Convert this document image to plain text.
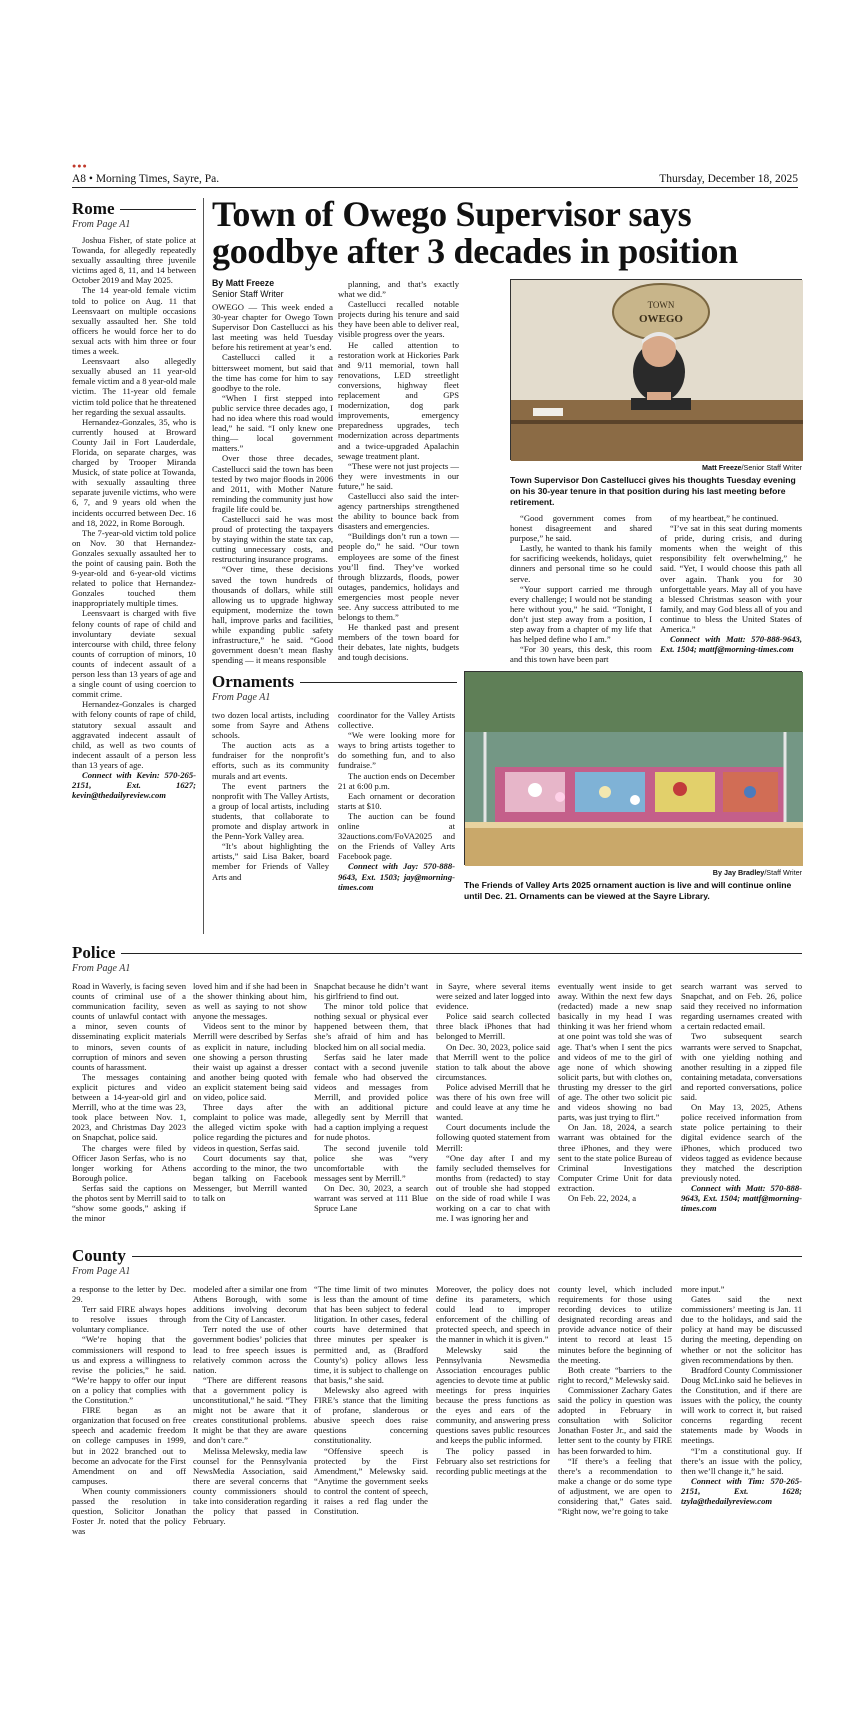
●●●
A8 • Morning Times, Sayre, Pa.	Thursday, December 18, 2025
Rome
From Page A1

Joshua Fisher, of state police at Towanda, for allegedly repeatedly sexually assaulting three juvenile victims aged 8, 11, and 14 between October 2019 and May 2025.

The 14 year-old female victim told to police on Aug. 11 that Leensvaart on multiple occasions sexually assaulted her. She told officers he would force her to do sexual acts with him three or four times a week.

Leensvaart also allegedly sexually abused an 11 year-old female victim and a 8 year-old male victim. The 11-year old female victim told police that he threatened her regarding the sexual assaults.

Hernandez-Gonzales, 35, who is currently housed at Broward County Jail in Fort Lauderdale, Florida, on separate charges, was charged by Trooper Miranda Musick, of state police at Towanda, with sexually assaulting three separate juvenile victims, who were 6, 7, and 9 years old when the incidents occurred between Dec. 16 and 18, 2022, in Rome Borough.

The 7-year-old victim told police on Nov. 30 that Hernandez-Gonzales sexually assaulted her to the point of causing pain. Both the 9-year-old and 6-year-old victims related to police that Hernandez-Gonzales touched them inappropriately multiple times.

Leensvaart is charged with five felony counts of rape of child and involuntary deviate sexual intercourse with child, three felony counts of corruption of minors, 10 counts of indecent assault of a person less than 13 years of age and a single count of using coercion to commit crime.

Hernandez-Gonzales is charged with felony counts of rape of child, statutory sexual assault and aggravated indecent assault of child, as well as two counts of indecent assault of a person less than 13 years of age.

Connect with Kevin: 570-265-2151, Ext. 1627; kevin@thedailyreview.com

Town of Owego Supervisor says goodbye after 3 decades in position
By Matt Freeze
Senior Staff Writer

OWEGO — This week ended a 30-year chapter for Owego Town Supervisor Don Castellucci as his last meeting was held Tuesday before his retirement at year’s end.

Castellucci called it a bittersweet moment, but said that the time has come for him to say goodbye to the role.

“When I first stepped into public service three decades ago, I had no idea where this road would lead,” he said. “I only knew one thing— local government matters.”

Over those three decades, Castellucci said the town has been tested by two major floods in 2006 and 2011, with Mother Nature reminding the community just how fragile life could be.

Castellucci said he was most proud of protecting the taxpayers by staying within the state tax cap, cutting unnecessary costs, and restructuring insurance programs.

“Over time, these decisions saved the town hundreds of thousands of dollars, while still allowing us to upgrade highway equipment, modernize the town hall, improve parks and facilities, while expanding public safety infrastructure,” he said. “Good government doesn’t mean flashy spending — it means responsible

planning, and that’s exactly what we did.”

Castellucci recalled notable projects during his tenure and said they have been able to deliver real, visible progress over the years.

He called attention to restoration work at Hickories Park and 9/11 memorial, town hall renovations, LED streetlight conversions, highway fleet replacement and GPS modernization, dog park improvements, emergency preparedness upgrades, tech modernization across departments and a twice-upgraded Apalachin sewage treatment plant.

“These were not just projects — they were investments in our future,” he said.

Castellucci also said the inter-agency partnerships strengthened the ability to bounce back from disasters and emergencies.

“Buildings don’t run a town — people do,” he said. “Our town employees are some of the finest you’ll find. They’ve worked through blizzards, floods, power outages, pandemics, holidays and emergencies most people never see. Any success attributed to me belongs to them.”

He thanked past and present members of the town board for their debates, late nights, budgets and tough decisions.

TOWN
OWEGO
Matt Freeze/Senior Staff Writer
Town Supervisor Don Castellucci gives his thoughts Tuesday evening on his 30-year tenure in that position during his last meeting before retirement.

“Good government comes from honest disagreement and shared purpose,” he said.

Lastly, he wanted to thank his family for sacrificing weekends, holidays, quiet dinners and personal time so he could serve.

“Your support carried me through every challenge; I would not be standing here without you,” he said. “Tonight, I don’t just step away from a position, I step away from a chapter of my life that has helped define who I am.”

“For 30 years, this desk, this room and this town have been part

of my heartbeat,” he continued.

“I’ve sat in this seat during moments of pride, during crisis, and during moments when the weight of this responsibility felt overwhelming,” he said. “Yet, I would choose this path all over again. Thank you for 30 unforgettable years. May all of you have a blessed Christmas season with your family, and may God bless all of you and continue to bless the United States of America.”

Connect with Matt: 570-888-9643, Ext. 1504; mattf@morning-times.com

Ornaments
From Page A1

two dozen local artists, including some from Sayre and Athens schools.

The auction acts as a fundraiser for the nonprofit’s efforts, such as its community murals and art events.

The event partners the nonprofit with The Valley Artists, a group of local artists, including students, that collaborate to promote and display artwork in the Penn-York Valley area.

“It’s about highlighting the artists,” said Lisa Baker, board member for Friends of Valley Arts and

coordinator for the Valley Artists collective.

“We were looking more for ways to bring artists together to do something fun, and to also fundraise.”

The auction ends on December 21 at 6:00 p.m.

Each ornament or decoration starts at $10.

The auction can be found online at 32auctions.com/FoVA2025 and on the Friends of Valley Arts Facebook page.

Connect with Jay: 570-888-9643, Ext. 1503; jay@morning-times.com

By Jay Bradley/Staff Writer
The Friends of Valley Arts 2025 ornament auction is live and will continue online until Dec. 21. Ornaments can be viewed at the Sayre Library.
Police
From Page A1

Road in Waverly, is facing seven counts of criminal use of a communication facility, seven counts of unlawful contact with a minor, seven counts of disseminating explicit materials to minors, seven counts of corruption of minors and seven counts of harassment.

The messages containing explicit pictures and video between a 14-year-old girl and Merrill, who at the time was 23, took place between Nov. 1, 2023, and Christmas Day 2023 on Snapchat, police said.

The charges were filed by Officer Jason Serfas, who is no longer working for Athens Borough police.

Serfas said the captions on the photos sent by Merrill said to “show some goods,” asking if the minor

loved him and if she had been in the shower thinking about him, as well as saying to not show anyone the messages.

Videos sent to the minor by Merrill were described by Serfas as explicit in nature, including one showing a person thrusting their waist up against a dresser and another being quoted with an explicit statement being said on video, police said.

Three days after the complaint to police was made, the alleged victim spoke with police regarding the pictures and videos in question, Serfas said.

Court documents say that, according to the minor, the two began talking on Facebook Messenger, but Merrill wanted to talk on

Snapchat because he didn’t want his girlfriend to find out.

The minor told police that nothing sexual or physical ever happened between them, that she’s afraid of him and has blocked him on all social media.

Serfas said he later made contact with a second juvenile female who had observed the videos and messages from Merrill, and provided police with an additional picture allegedly sent by Merrill that had a caption implying a request for nude photos.

The second juvenile told police she was “very uncomfortable with the messages sent by Merrill.”

On Dec. 30, 2023, a search warrant was served at 111 Blue Spruce Lane

in Sayre, where several items were seized and later logged into evidence.

Police said search collected three black iPhones that had belonged to Merrill.

On Dec. 30, 2023, police said that Merrill went to the police station to talk about the above circumstances.

Police advised Merrill that he was there of his own free will and could leave at any time he wanted.

Court documents include the following quoted statement from Merrill:

“One day after I and my family secluded themselves for months from (redacted) to stay out of trouble she had stopped on the side of road while I was working on a car to chat with me. I was ignoring her and

eventually went inside to get away. Within the next few days (redacted) made a new snap basically in my head I was thinking it was her friend whom at one point was told she was of age. That’s when I sent the pics and videos of me to the girl of age none of which showing solicit parts, but with clothes on, thrusting my dresser to the girl of age. The other two solicit pic and videos showing no bad parts, was just trying to flirt.”

On Jan. 18, 2024, a search warrant was obtained for the three iPhones, and they were sent to the state police Bureau of Criminal Investigations Computer Crime Unit for data extraction.

On Feb. 22, 2024, a

search warrant was served to Snapchat, and on Feb. 26, police said they received no information regarding usernames created with a certain redacted email.

Two subsequent search warrants were served to Snapchat, with one yielding nothing and another resulting in a zipped file containing metadata, conversations and reported conversations, police said.

On May 13, 2025, Athens police received information from state police pertaining to their digital evidence search of the iPhones, which produced two videos tagged as evidence because they matched the description previously noted.

Connect with Matt: 570-888-9643, Ext. 1504; mattf@morning-times.com

County
From Page A1

a response to the letter by Dec. 29.

Terr said FIRE always hopes to resolve issues through voluntary compliance.

“We’re hoping that the commissioners will respond to us and express a willingness to revise the policies,” he said. “We’re happy to offer our input on a policy that complies with the Constitution.”

FIRE began as an organization that focused on free speech and academic freedom on college campuses in 1999, but in 2022 branched out to become an advocate for the First Amendment on and off campuses.

When county commissioners passed the resolution in question, Solicitor Jonathan Foster Jr. noted that the policy was

modeled after a similar one from Athens Borough, with some additions involving decorum from the City of Lancaster.

Terr noted the use of other government bodies’ policies that lead to free speech issues is relatively common across the nation.

“There are different reasons that a government policy is unconstitutional,” he said. “They might not be aware that it creates constitutional problems. It might be that they are aware and don’t care.”

Melissa Melewsky, media law counsel for the Pennsylvania NewsMedia Association, said there are several concerns that county commissioners should take into consideration regarding the policy that passed in February.

“The time limit of two minutes is less than the amount of time that has been subject to federal litigation. In other cases, federal courts have determined that three minutes per speaker is permitted and, as (Bradford County’s) policy allows less time, it is subject to challenge on that basis,” she said.

Melewsky also agreed with FIRE’s stance that the limiting of profane, slanderous or abusive speech does raise questions concerning constitutionality.

“Offensive speech is protected by the First Amendment,” Melewsky said. “Anytime the government seeks to control the content of speech, it raises a red flag under the Constitution.

Moreover, the policy does not define its parameters, which could lead to improper enforcement of the chilling of protected speech, and speech in the manner in which it is given.”

Melewsky said the Pennsylvania Newsmedia Association encourages public agencies to devote time at public meetings for press inquiries because the press functions as the eyes and ears of the community, and answering press questions saves public resources and keeps the public informed.

The policy passed in February also set restrictions for recording public meetings at the

county level, which included requirements for those using recording devices to utilize designated recording areas and provide advance notice of their intent to record at least 15 minutes before the beginning of the meeting.

Both create “barriers to the right to record,” Melewsky said.

Commissioner Zachary Gates said the policy in question was adopted in February in consultation with Solicitor Jonathan Foster Jr., and said the letter sent to the county by FIRE has been forwarded to him.

“If there’s a feeling that there’s a recommendation to make a change or do some type of adjustment, we are open to considering that,” Gates said. “Right now, we’re going to take

more input.”

Gates said the next commissioners’ meeting is Jan. 11 due to the holidays, and said the policy at hand may be discussed during the meeting, depending on whether or not the solicitor has given recommendations by then.

Bradford County Commissioner Doug McLinko said he believes in the Constitution, and if there are issues with the policy, the county will work to correct it, but raised concerns regarding recent statements made by Woods in meetings.

“I’m a constitutional guy. If there’s an issue with the policy, then we’ll change it,” he said.

Connect with Tim: 570-265-2151, Ext. 1628; tzyla@thedailyreview.com
